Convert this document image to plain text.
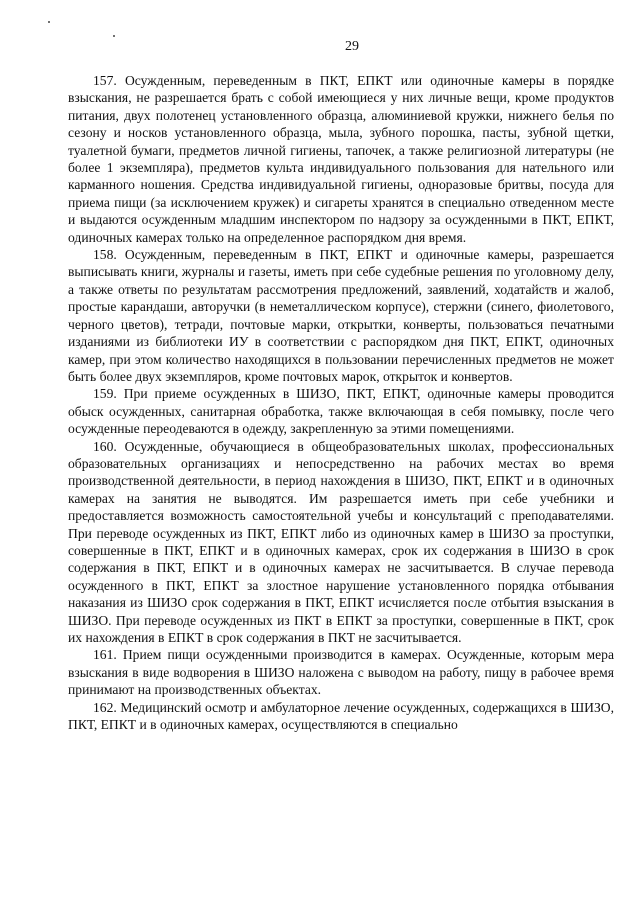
29

157. Осужденным, переведенным в ПКТ, ЕПКТ или одиночные камеры в порядке взыскания, не разрешается брать с собой имеющиеся у них личные вещи, кроме продуктов питания, двух полотенец установленного образца, алюминиевой кружки, нижнего белья по сезону и носков установленного образца, мыла, зубного порошка, пасты, зубной щетки, туалетной бумаги, предметов личной гигиены, тапочек, а также религиозной литературы (не более 1 экземпляра), предметов культа индивидуального пользования для нательного или карманного ношения. Средства индивидуальной гигиены, одноразовые бритвы, посуда для приема пищи (за исключением кружек) и сигареты хранятся в специально отведенном месте и выдаются осужденным младшим инспектором по надзору за осужденными в ПКТ, ЕПКТ, одиночных камерах только на определенное распорядком дня время.

158. Осужденным, переведенным в ПКТ, ЕПКТ и одиночные камеры, разрешается выписывать книги, журналы и газеты, иметь при себе судебные решения по уголовному делу, а также ответы по результатам рассмотрения предложений, заявлений, ходатайств и жалоб, простые карандаши, авторучки (в неметаллическом корпусе), стержни (синего, фиолетового, черного цветов), тетради, почтовые марки, открытки, конверты, пользоваться печатными изданиями из библиотеки ИУ в соответствии с распорядком дня ПКТ, ЕПКТ, одиночных камер, при этом количество находящихся в пользовании перечисленных предметов не может быть более двух экземпляров, кроме почтовых марок, открыток и конвертов.

159. При приеме осужденных в ШИЗО, ПКТ, ЕПКТ, одиночные камеры проводится обыск осужденных, санитарная обработка, также включающая в себя помывку, после чего осужденные переодеваются в одежду, закрепленную за этими помещениями.

160. Осужденные, обучающиеся в общеобразовательных школах, профессиональных образовательных организациях и непосредственно на рабочих местах во время производственной деятельности, в период нахождения в ШИЗО, ПКТ, ЕПКТ и в одиночных камерах на занятия не выводятся. Им разрешается иметь при себе учебники и предоставляется возможность самостоятельной учебы и консультаций с преподавателями. При переводе осужденных из ПКТ, ЕПКТ либо из одиночных камер в ШИЗО за проступки, совершенные в ПКТ, ЕПКТ и в одиночных камерах, срок их содержания в ШИЗО в срок содержания в ПКТ, ЕПКТ и в одиночных камерах не засчитывается. В случае перевода осужденного в ПКТ, ЕПКТ за злостное нарушение установленного порядка отбывания наказания из ШИЗО срок содержания в ПКТ, ЕПКТ исчисляется после отбытия взыскания в ШИЗО. При переводе осужденных из ПКТ в ЕПКТ за проступки, совершенные в ПКТ, срок их нахождения в ЕПКТ в срок содержания в ПКТ не засчитывается.

161. Прием пищи осужденными производится в камерах. Осужденные, которым мера взыскания в виде водворения в ШИЗО наложена с выводом на работу, пищу в рабочее время принимают на производственных объектах.

162. Медицинский осмотр и амбулаторное лечение осужденных, содержащихся в ШИЗО, ПКТ, ЕПКТ и в одиночных камерах, осуществляются в специально
